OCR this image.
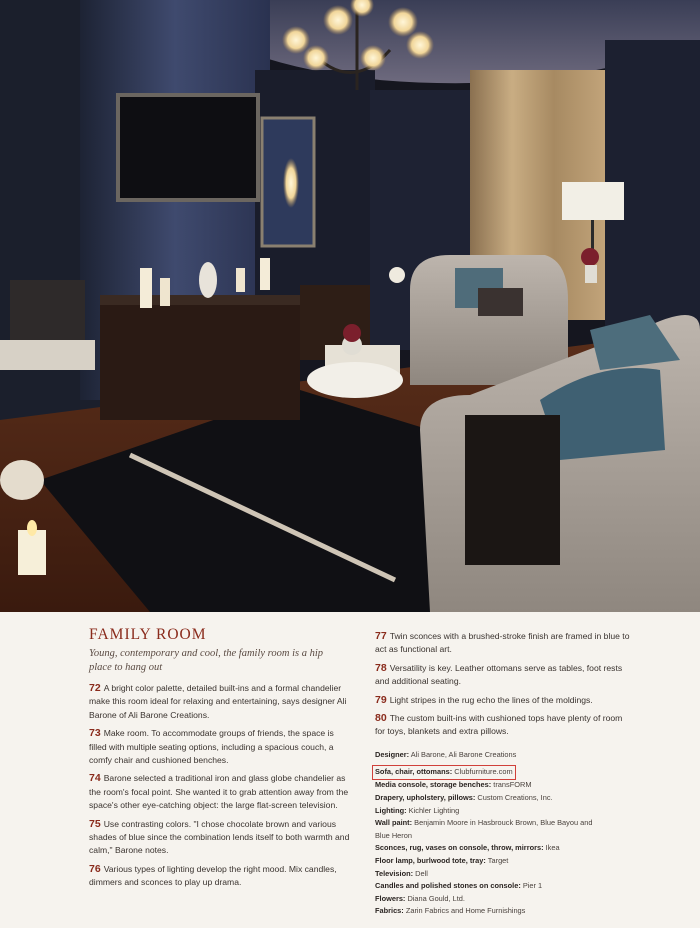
FAMILY ROOM

Young, contemporary and cool, the family room is a hip place to hang out

72 A bright color palette, detailed built-ins and a formal chandelier make this room ideal for relaxing and entertaining, says designer Ali Barone of Ali Barone Creations.

73 Make room. To accommodate groups of friends, the space is filled with multiple seating options, including a spacious couch, a comfy chair and cushioned benches.

74 Barone selected a traditional iron and glass globe chandelier as the room's focal point. She wanted it to grab attention away from the space's other eye-catching object: the large flat-screen television.

75 Use contrasting colors. "I chose chocolate brown and various shades of blue since the combination lends itself to both warmth and calm," Barone notes.

76 Various types of lighting develop the right mood. Mix candles, dimmers and sconces to play up drama.

77 Twin sconces with a brushed-stroke finish are framed in blue to act as functional art.

78 Versatility is key. Leather ottomans serve as tables, foot rests and additional seating.

79 Light stripes in the rug echo the lines of the moldings.

80 The custom built-ins with cushioned tops have plenty of room for toys, blankets and extra pillows.

Designer: Ali Barone, Ali Barone Creations
Sofa, chair, ottomans: Clubfurniture.com
Media console, storage benches: transFORM
Drapery, upholstery, pillows: Custom Creations, Inc.
Lighting: Kichler Lighting
Wall paint: Benjamin Moore in Hasbrouck Brown, Blue Bayou and
Blue Heron
Sconces, rug, vases on console, throw, mirrors: Ikea
Floor lamp, burlwood tote, tray: Target
Television: Dell
Candles and polished stones on console: Pier 1
Flowers: Diana Gould, Ltd.
Fabrics: Zarin Fabrics and Home Furnishings
